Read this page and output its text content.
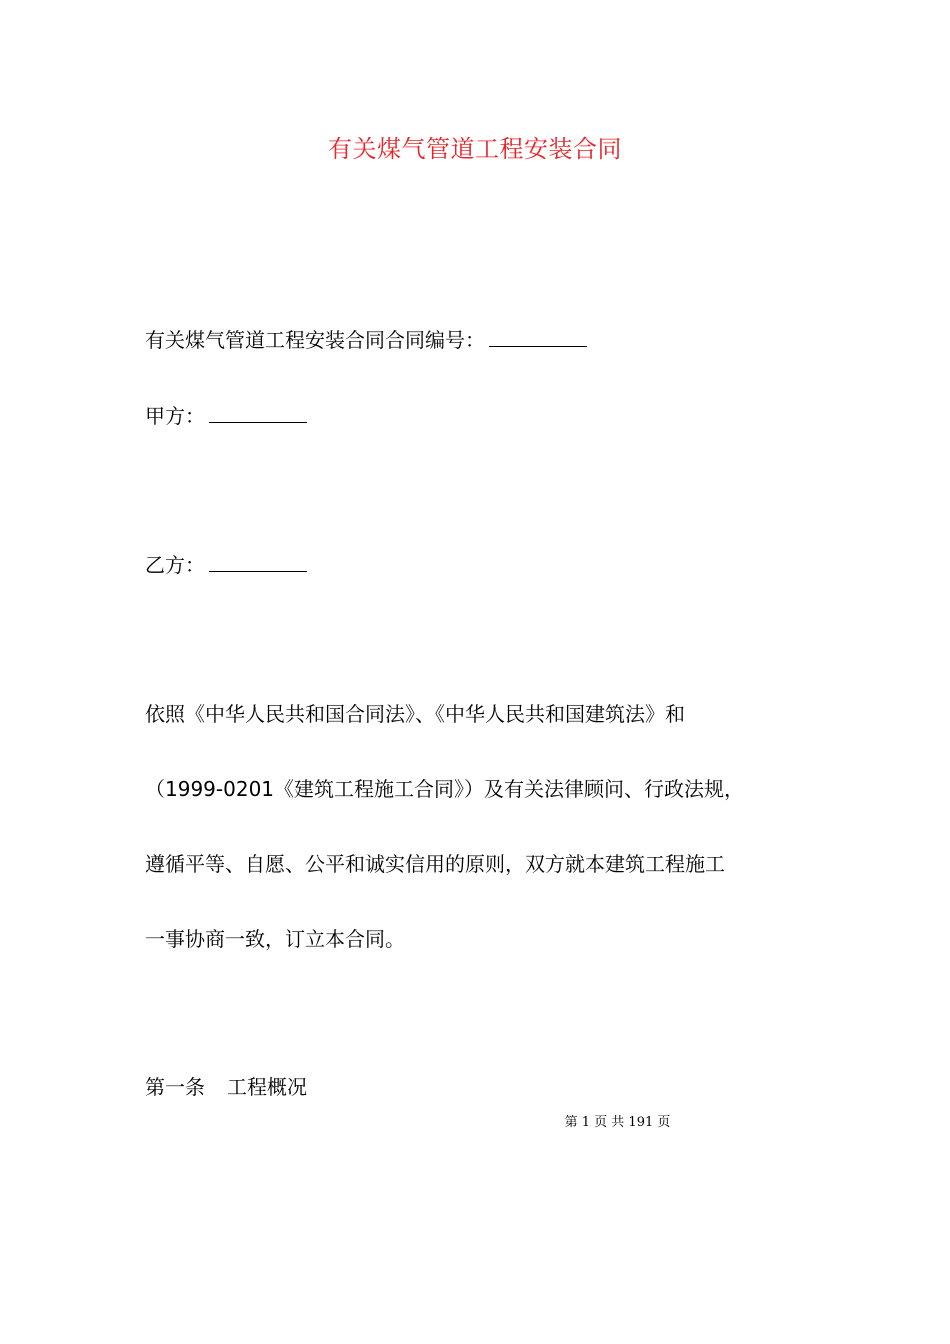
有关煤气管道工程安装合同
有关煤气管道工程安装合同合同编号：
甲方：
乙方：
依照《中华人民共和国合同法》、《中华人民共和国建筑法》和
（1999-0201《建筑工程施工合同》）及有关法律顾问、行政法规，
遵循平等、自愿、公平和诚实信用的原则，双方就本建筑工程施工
一事协商一致，订立本合同。
第一条 工程概况
第 1 页 共 191 页
